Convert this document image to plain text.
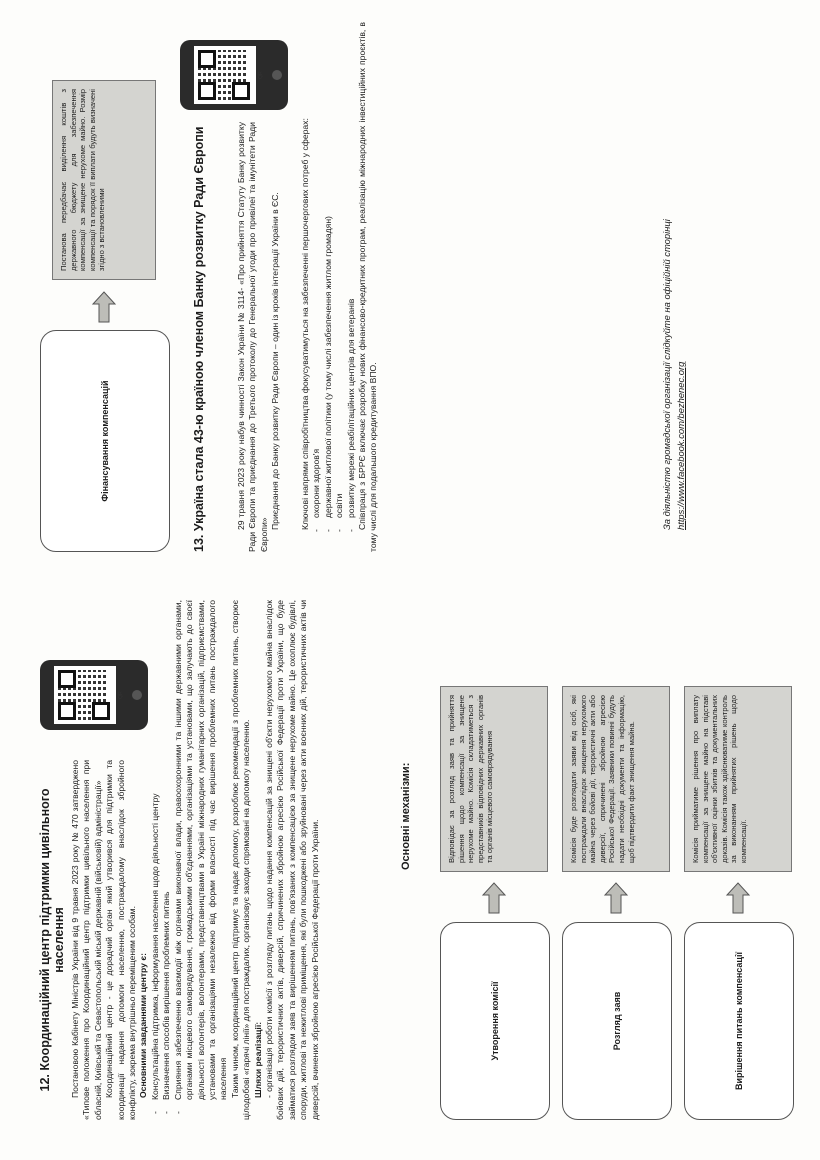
12. Координаційний центр підтримки цивільного населення Постановою Кабінету Міністрів України від 9 травня 2023 року № 470 затверджено «Типове положення про Координаційний центр підтримки цивільного населення при обласній, Київській та Севастопольській міській державній (військовій) адміністрації» Координаційний центр - це дорадчий орган який утворився для підтримки та координації надання допомоги населенню, постраждалому внаслідок збройного конфлікту, зокрема внутрішньо переміщеним особам. Основними завданнями центру є:

QR
- Консультаційна підтримка, інформування населення щодо діяльності центру - Визначення способів вирішення проблемних питань - Сприяння забезпеченню взаємодії між органами виконавчої влади, правоохоронними та іншими державними органами, органами місцевого самоврядування, громадськими об'єднаннями, організаціями та установами, що залучають до своєї діяльності волонтерів, волонтерами, представництвами в Україні міжнародних гуманітарних організацій, підприємствами, установами та організаціями незалежно від форми власності під час вирішення проблемних питань постраждалого населення Таким чином, координаційний центр підтримує та надає допомогу, розроблює рекомендації з проблемних питань, створює цілодобові «гарячі лінії» для постраждалих, організовує заходи спрямовані на допомогу населенню. Шляхи реалізації: - організація роботи комісії з розгляду питань щодо надання компенсацій за знищені об'єкти нерухомого майна внаслідок бойових дій, терористичних актів, диверсій, спричинених збройною агресією Російської Федерації проти України, що буде займатися розглядом заяв та вирішенням питань, пов'язаних з компенсацією за знищене нерухоме майно. Це охоплює будівлі, споруди, житлові та нежитлові приміщення, які були пошкоджені або зруйновані через акти воєнних дій, терористичних актів чи диверсій, вчинених збройною агресією Російської Федерації проти України.

Основні механізми:
Утворення комісії
Відповідає за розгляд заяв та прийняття рішення щодо компенсації за знищене нерухоме майно. Комісія складатиметься з представників відповідних державних органів та органів місцевого самоврядування
Розгляд заяв
Комісія буде розглядати заяви від осіб, які постраждали внаслідок знищення нерухомого майна через бойові дії, терористичні акти або диверсії, спричинені збройною агресією Російської Федерації. Заявники повинні будуть надати необхідні документи та інформацію, щоб підтвердити факт знищення майна.
Вирішення питань компенсації
Комісія прийматиме рішення про виплату компенсації за знищене майно на підставі об'єктивної оцінки збитків та документальних доказів. Комісія також здійснюватиме контроль за виконанням прийнятих рішень щодо компенсації.
Фінансування компенсацій
Постанова передбачає виділення коштів з державного бюджету для забезпечення компенсації за знищене нерухоме майно. Розмір компенсації та порядок її виплати будуть визначені згідно з встановленими	13. Україна стала 43-ю країною членом Банку розвитку Ради Європи

QR

29 травня 2023 року набув чинності Закон України № 3114- «Про прийняття Статуту Банку розвитку Ради Європи та приєднання до Третього протоколу до Генеральної угоди про привілеї та імунітети Ради Європи»

Приєднання до Банку розвитку Ради Європи – один із кроків інтеграції України в ЄС. Ключові напрями співробітництва фокусуватимуться на забезпеченні першочергових потреб у сферах: - охорони здоров'я - державної житлової політики (у тому числі забезпечення житлом громадян) - освіти - розвитку мережі реабілітаційних центрів для ветеранів Співпраця з БРРЄ включає розробку нових фінансово-кредитних програм, реалізацію міжнародних інвестиційних проєктів, в тому числі для подальшого кредитування ВПО.	За діяльністю громадської організації слідкуйте на офіційній сторінці https://www.facebook.com/bezhenec.org
